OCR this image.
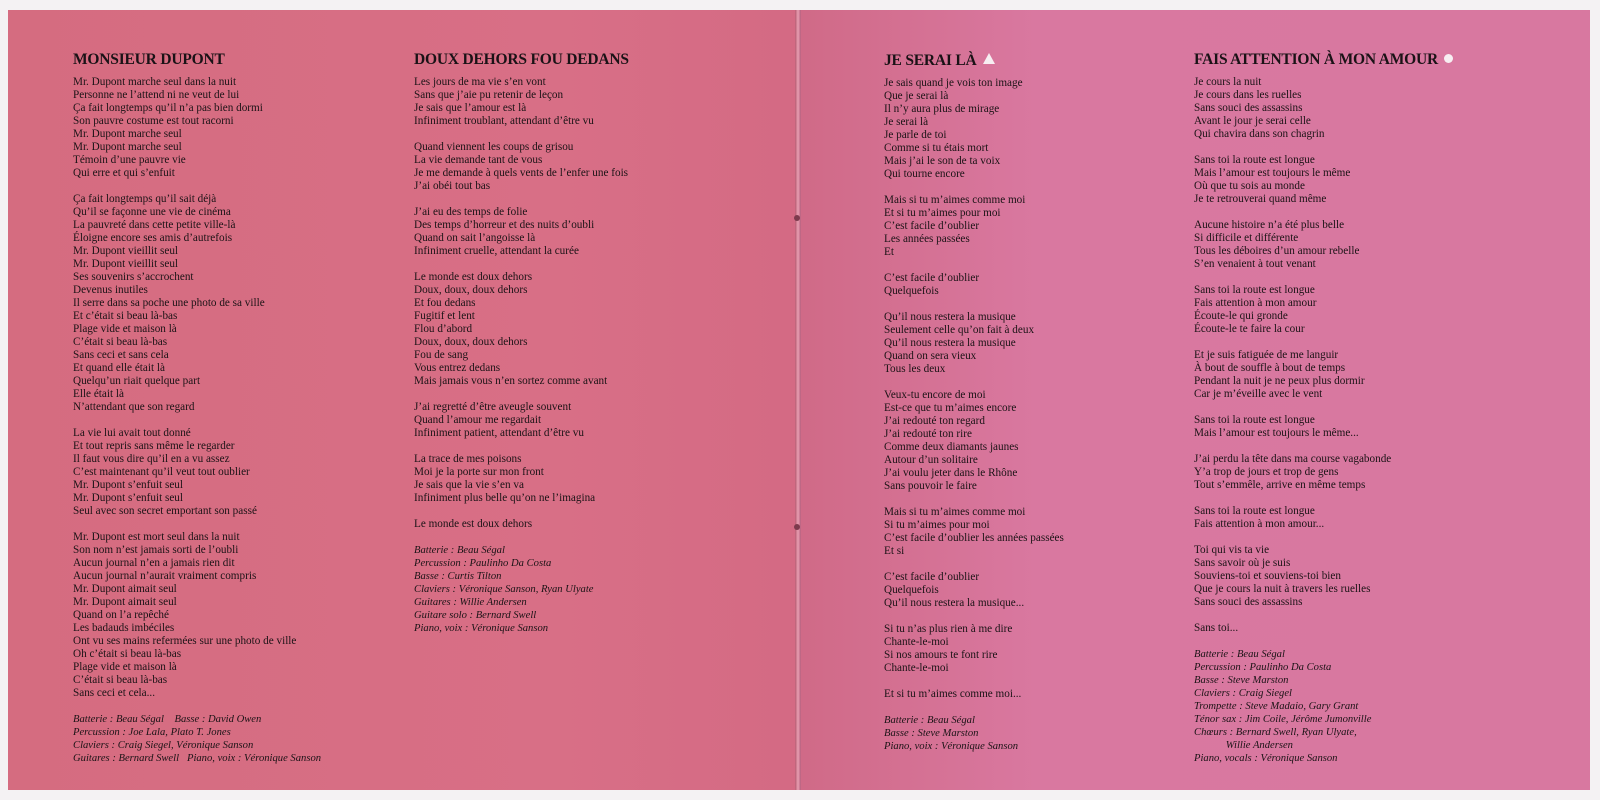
MONSIEUR DUPONT
Mr. Dupont marche seul dans la nuit
Personne ne l’attend ni ne veut de lui
Ça fait longtemps qu’il n’a pas bien dormi
Son pauvre costume est tout racorni
Mr. Dupont marche seul
Mr. Dupont marche seul
Témoin d’une pauvre vie
Qui erre et qui s’enfuit
Ça fait longtemps qu’il sait déjà
Qu’il se façonne une vie de cinéma
La pauvreté dans cette petite ville-là
Éloigne encore ses amis d’autrefois
Mr. Dupont vieillit seul
Mr. Dupont vieillit seul
Ses souvenirs s’accrochent
Devenus inutiles
Il serre dans sa poche une photo de sa ville
Et c’était si beau là-bas
Plage vide et maison là
C’était si beau là-bas
Sans ceci et sans cela
Et quand elle était là
Quelqu’un riait quelque part
Elle était là
N’attendant que son regard
La vie lui avait tout donné
Et tout repris sans même le regarder
Il faut vous dire qu’il en a vu assez
C’est maintenant qu’il veut tout oublier
Mr. Dupont s’enfuit seul
Mr. Dupont s’enfuit seul
Seul avec son secret emportant son passé
Mr. Dupont est mort seul dans la nuit
Son nom n’est jamais sorti de l’oubli
Aucun journal n’en a jamais rien dit
Aucun journal n’aurait vraiment compris
Mr. Dupont aimait seul
Mr. Dupont aimait seul
Quand on l’a repêché
Les badauds imbéciles
Ont vu ses mains refermées sur une photo de ville
Oh c’était si beau là-bas
Plage vide et maison là
C’était si beau là-bas
Sans ceci et cela...
Batterie : Beau Ségal    Basse : David Owen
Percussion : Joe Lala, Plato T. Jones
Claviers : Craig Siegel, Véronique Sanson
Guitares : Bernard Swell   Piano, voix : Véronique Sanson
DOUX DEHORS FOU DEDANS
Les jours de ma vie s’en vont
Sans que j’aie pu retenir de leçon
Je sais que l’amour est là
Infiniment troublant, attendant d’être vu
Quand viennent les coups de grisou
La vie demande tant de vous
Je me demande à quels vents de l’enfer une fois
J’ai obéi tout bas
J’ai eu des temps de folie
Des temps d’horreur et des nuits d’oubli
Quand on sait l’angoisse là
Infiniment cruelle, attendant la curée
Le monde est doux dehors
Doux, doux, doux dehors
Et fou dedans
Fugitif et lent
Flou d’abord
Doux, doux, doux dehors
Fou de sang
Vous entrez dedans
Mais jamais vous n’en sortez comme avant
J’ai regretté d’être aveugle souvent
Quand l’amour me regardait
Infiniment patient, attendant d’être vu
La trace de mes poisons
Moi je la porte sur mon front
Je sais que la vie s’en va
Infiniment plus belle qu’on ne l’imagina
Le monde est doux dehors
Batterie : Beau Ségal
Percussion : Paulinho Da Costa
Basse : Curtis Tilton
Claviers : Véronique Sanson, Ryan Ulyate
Guitares : Willie Andersen
Guitare solo : Bernard Swell
Piano, voix : Véronique Sanson
JE SERAI LÀ
Je sais quand je vois ton image
Que je serai là
Il n’y aura plus de mirage
Je serai là
Je parle de toi
Comme si tu étais mort
Mais j’ai le son de ta voix
Qui tourne encore
Mais si tu m’aimes comme moi
Et si tu m’aimes pour moi
C’est facile d’oublier
Les années passées
Et
C’est facile d’oublier
Quelquefois
Qu’il nous restera la musique
Seulement celle qu’on fait à deux
Qu’il nous restera la musique
Quand on sera vieux
Tous les deux
Veux-tu encore de moi
Est-ce que tu m’aimes encore
J’ai redouté ton regard
J’ai redouté ton rire
Comme deux diamants jaunes
Autour d’un solitaire
J’ai voulu jeter dans le Rhône
Sans pouvoir le faire
Mais si tu m’aimes comme moi
Si tu m’aimes pour moi
C’est facile d’oublier les années passées
Et si
C’est facile d’oublier
Quelquefois
Qu’il nous restera la musique...
Si tu n’as plus rien à me dire
Chante-le-moi
Si nos amours te font rire
Chante-le-moi
Et si tu m’aimes comme moi...
Batterie : Beau Ségal
Basse : Steve Marston
Piano, voix : Véronique Sanson
FAIS ATTENTION À MON AMOUR
Je cours la nuit
Je cours dans les ruelles
Sans souci des assassins
Avant le jour je serai celle
Qui chavira dans son chagrin
Sans toi la route est longue
Mais l’amour est toujours le même
Où que tu sois au monde
Je te retrouverai quand même
Aucune histoire n’a été plus belle
Si difficile et différente
Tous les déboires d’un amour rebelle
S’en venaient à tout venant
Sans toi la route est longue
Fais attention à mon amour
Écoute-le qui gronde
Écoute-le te faire la cour
Et je suis fatiguée de me languir
À bout de souffle à bout de temps
Pendant la nuit je ne peux plus dormir
Car je m’éveille avec le vent
Sans toi la route est longue
Mais l’amour est toujours le même...
J’ai perdu la tête dans ma course vagabonde
Y’a trop de jours et trop de gens
Tout s’emmêle, arrive en même temps
Sans toi la route est longue
Fais attention à mon amour...
Toi qui vis ta vie
Sans savoir où je suis
Souviens-toi et souviens-toi bien
Que je cours la nuit à travers les ruelles
Sans souci des assassins
Sans toi...
Batterie : Beau Ségal
Percussion : Paulinho Da Costa
Basse : Steve Marston
Claviers : Craig Siegel
Trompette : Steve Madaio, Gary Grant
Ténor sax : Jim Coile, Jérôme Jumonville
Chœurs : Bernard Swell, Ryan Ulyate,
Willie Andersen
Piano, vocals : Véronique Sanson
